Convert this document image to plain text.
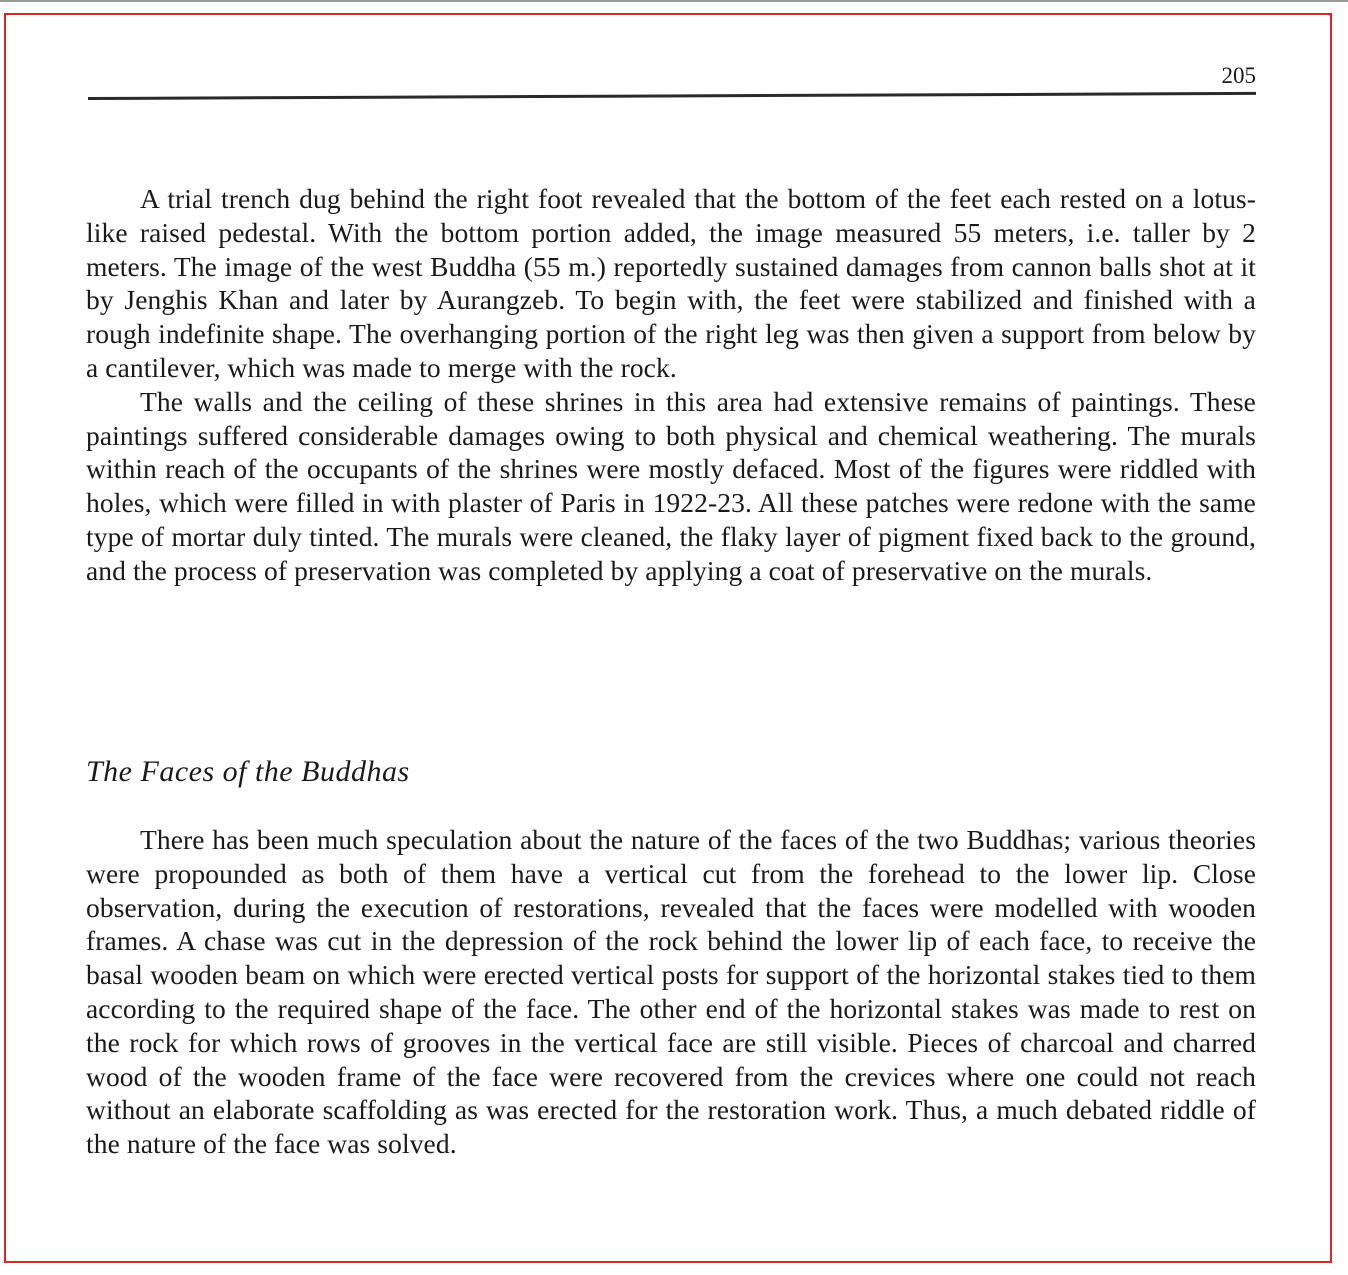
205

A trial trench dug behind the right foot revealed that the bottom of the feet each rested on a lotus-like raised pedestal. With the bottom portion added, the image measured 55 meters, i.e. taller by 2 meters. The image of the west Buddha (55 m.) reportedly sustained damages from cannon balls shot at it by Jenghis Khan and later by Aurangzeb. To begin with, the feet were stabilized and finished with a rough indefinite shape. The overhanging portion of the right leg was then given a support from below by a cantilever, which was made to merge with the rock.

The walls and the ceiling of these shrines in this area had extensive remains of paintings. These paintings suffered considerable damages owing to both physical and chemical weathering. The murals within reach of the occupants of the shrines were mostly defaced. Most of the figures were riddled with holes, which were filled in with plaster of Paris in 1922-23. All these patches were redone with the same type of mortar duly tinted. The murals were cleaned, the flaky layer of pigment fixed back to the ground, and the process of preservation was completed by applying a coat of preservative on the murals.

The Faces of the Buddhas

There has been much speculation about the nature of the faces of the two Buddhas; various theories were propounded as both of them have a vertical cut from the forehead to the lower lip. Close observation, during the execution of restorations, revealed that the faces were modelled with wooden frames. A chase was cut in the depression of the rock behind the lower lip of each face, to receive the basal wooden beam on which were erected vertical posts for support of the horizontal stakes tied to them according to the required shape of the face. The other end of the horizontal stakes was made to rest on the rock for which rows of grooves in the vertical face are still visible. Pieces of charcoal and charred wood of the wooden frame of the face were recovered from the crevices where one could not reach without an elaborate scaffolding as was erected for the restoration work. Thus, a much debated riddle of the nature of the face was solved.
